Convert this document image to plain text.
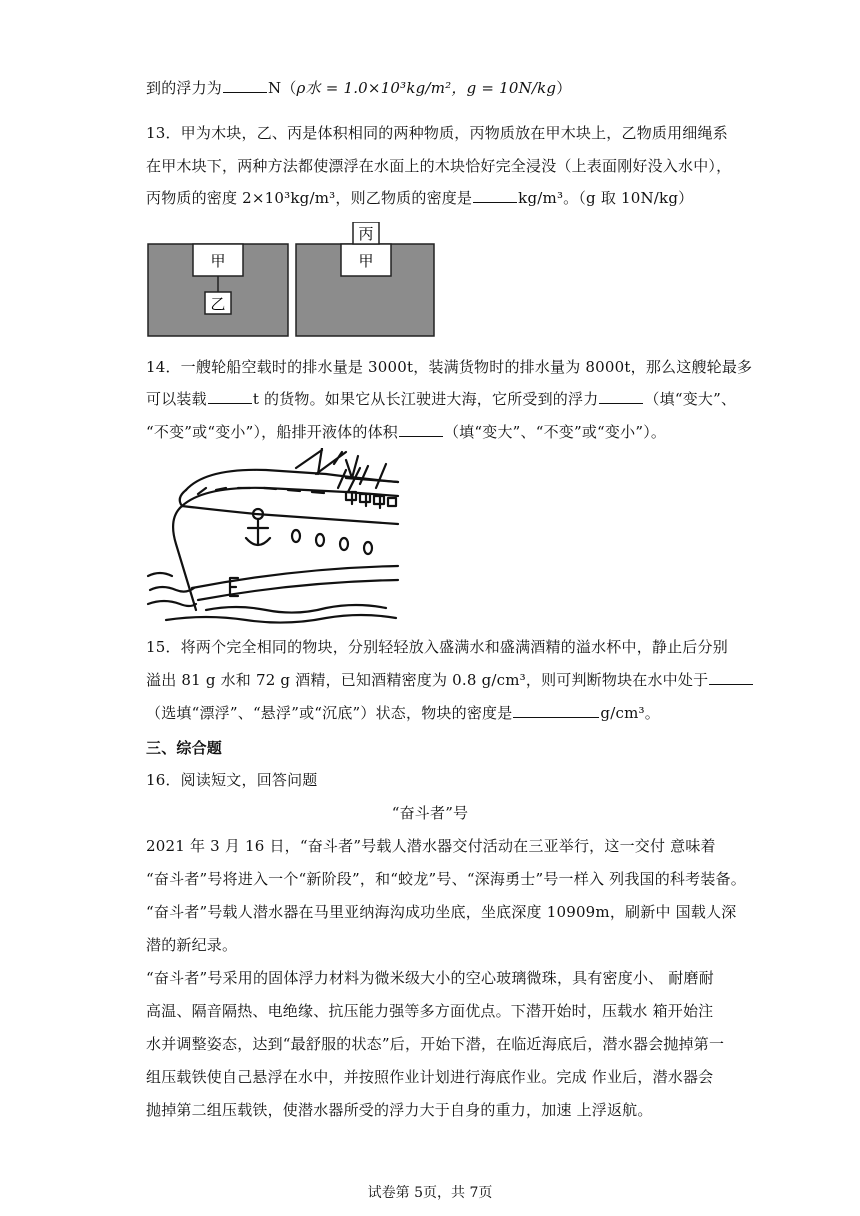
到的浮力为	N（ρ水 = 1.0×10³kg/m²，g = 10N/kg）
13．甲为木块，乙、丙是体积相同的两种物质，丙物质放在甲木块上，乙物质用细绳系
在甲木块下，两种方法都使漂浮在水面上的木块恰好完全浸没（上表面刚好没入水中），
丙物质的密度 2×10³kg/m³，则乙物质的密度是	kg/m³。（g 取 10N/kg）
甲
乙
甲
丙
14．一艘轮船空载时的排水量是 3000t，装满货物时的排水量为 8000t，那么这艘轮最多
可以装载	t 的货物。如果它从长江驶进大海，它所受到的浮力	（填“变大”、
“不变”或“变小”），船排开液体的体积	（填“变大”、“不变”或“变小”）。
15．将两个完全相同的物块，分别轻轻放入盛满水和盛满酒精的溢水杯中，静止后分别
溢出 81 g 水和 72 g 酒精，已知酒精密度为 0.8 g/cm³，则可判断物块在水中处于
（选填“漂浮”、“悬浮”或“沉底”）状态，物块的密度是	g/cm³。
三、综合题
16．阅读短文，回答问题
“奋斗者”号
2021 年 3 月 16 日，“奋斗者”号载人潜水器交付活动在三亚举行，这一交付 意味着
“奋斗者”号将进入一个“新阶段”，和“蛟龙”号、“深海勇士”号一样入 列我国的科考装备。
“奋斗者”号载人潜水器在马里亚纳海沟成功坐底，坐底深度 10909m，刷新中 国载人深
潜的新纪录。
“奋斗者”号采用的固体浮力材料为微米级大小的空心玻璃微珠，具有密度小、 耐磨耐
高温、隔音隔热、电绝缘、抗压能力强等多方面优点。下潜开始时，压载水 箱开始注
水并调整姿态，达到“最舒服的状态”后，开始下潜，在临近海底后，潜水器会抛掉第一
组压载铁使自己悬浮在水中，并按照作业计划进行海底作业。完成 作业后，潜水器会
抛掉第二组压载铁，使潜水器所受的浮力大于自身的重力，加速 上浮返航。
试卷第 5页，共 7页
